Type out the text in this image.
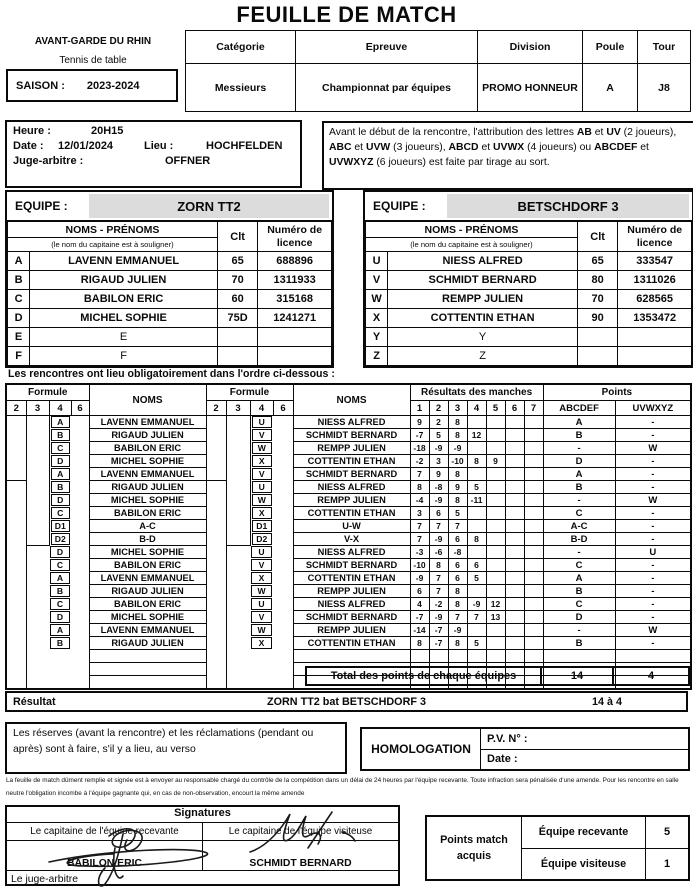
FEUILLE DE MATCH
AVANT-GARDE DU RHIN
Tennis de table
SAISON : 2023-2024
Catégorie	Epreuve	Division	Poule	Tour
Messieurs	Championnat par équipes	PROMO HONNEUR	A	J8
Heure :	20H15
Date :	12/01/2024	Lieu :	HOCHFELDEN
Juge-arbitre :	OFFNER
Avant le début de la rencontre, l'attribution des lettres AB et UV (2 joueurs), ABC et UVW (3 joueurs), ABCD et UVWX (4 joueurs) ou ABCDEF et UVWXYZ (6 joueurs) est faite par tirage au sort.
EQUIPE :	ZORN TT2
NOMS - PRÉNOMS		Clt	Numéro de licence
(le nom du capitaine est à souligner)			
A	LAVENN EMMANUEL	65	688896
B	RIGAUD JULIEN	70	1311933
C	BABILON ERIC	60	315168
D	MICHEL SOPHIE	75D	1241271
E	E		
F	F		
EQUIPE :	BETSCHDORF 3
NOMS - PRÉNOMS		Clt	Numéro de licence
(le nom du capitaine est à souligner)			
U	NIESS ALFRED	65	333547
V	SCHMIDT BERNARD	80	1311026
W	REMPP JULIEN	70	628565
X	COTTENTIN ETHAN	90	1353472
Y	Y		
Z	Z		
Les rencontres ont lieu obligatoirement dans l'ordre ci-dessous :
Formule				NOMS	Formule				NOMS	Résultats des manches							Points	
2	3	4	6		2	3	4	6		1	2	3	4	5	6	7	ABCDEF	UVWXYZ

		A		LAVENN EMMANUEL			U		NIESS ALFRED	9	2	8					A	-

		B		RIGAUD JULIEN			V		SCHMIDT BERNARD	-7	5	8	12				B	-

		C		BABILON ERIC			W		REMPP JULIEN	-18	-9	-9					-	W

		D		MICHEL SOPHIE			X		COTTENTIN ETHAN	-2	3	-10	8	9			D	-

		A		LAVENN EMMANUEL			V		SCHMIDT BERNARD	7	9	8					A	-

		B		RIGAUD JULIEN			U		NIESS ALFRED	8	-8	9	5				B	-

		D		MICHEL SOPHIE			W		REMPP JULIEN	-4	-9	8	-11				-	W

		C		BABILON ERIC			X		COTTENTIN ETHAN	3	6	5					C	-

		D1		A-C			D1		U-W	7	7	7					A-C	-

		D2		B-D			D2		V-X	7	-9	6	8				B-D	-

		D		MICHEL SOPHIE			U		NIESS ALFRED	-3	-6	-8					-	U

		C		BABILON ERIC			V		SCHMIDT BERNARD	-10	8	6	6				C	-

		A		LAVENN EMMANUEL			X		COTTENTIN ETHAN	-9	7	6	5				A	-

		B		RIGAUD JULIEN			W		REMPP JULIEN	6	7	8					B	-

		C		BABILON ERIC			U		NIESS ALFRED	4	-2	8	-9	12			C	-

		D		MICHEL SOPHIE			V		SCHMIDT BERNARD	-7	-9	7	7	13			D	-

		A		LAVENN EMMANUEL			W		REMPP JULIEN	-14	-7	-9					-	W

		B		RIGAUD JULIEN			X		COTTENTIN ETHAN	8	-7	8	5				B	-

Total des points de chaque équipes	14	4
Résultat	ZORN TT2 bat BETSCHDORF 3	14 à 4
Les réserves (avant la rencontre) et les réclamations (pendant ou après) sont à faire, s'il y a lieu, au verso	HOMOLOGATION
P.V. N° :
Date :
La feuille de match dûment remplie et signée est à envoyer au responsable chargé du contrôle de la compétition dans un délai de 24 heures par l'équipe recevante. Toute infraction sera pénalisée d'une amende. Pour les rencontre en salle neutre l'obligation incombe à l'équipe gagnante qui, en cas de non-observation, encourt la même amende
Signatures
Le capitaine de l'équipe recevante	Le capitaine de l'équipe visiteuse
BABILON ERIC	SCHMIDT BERNARD
Le juge-arbitre
Points match acquis
Équipe recevante	5
Équipe visiteuse	1
